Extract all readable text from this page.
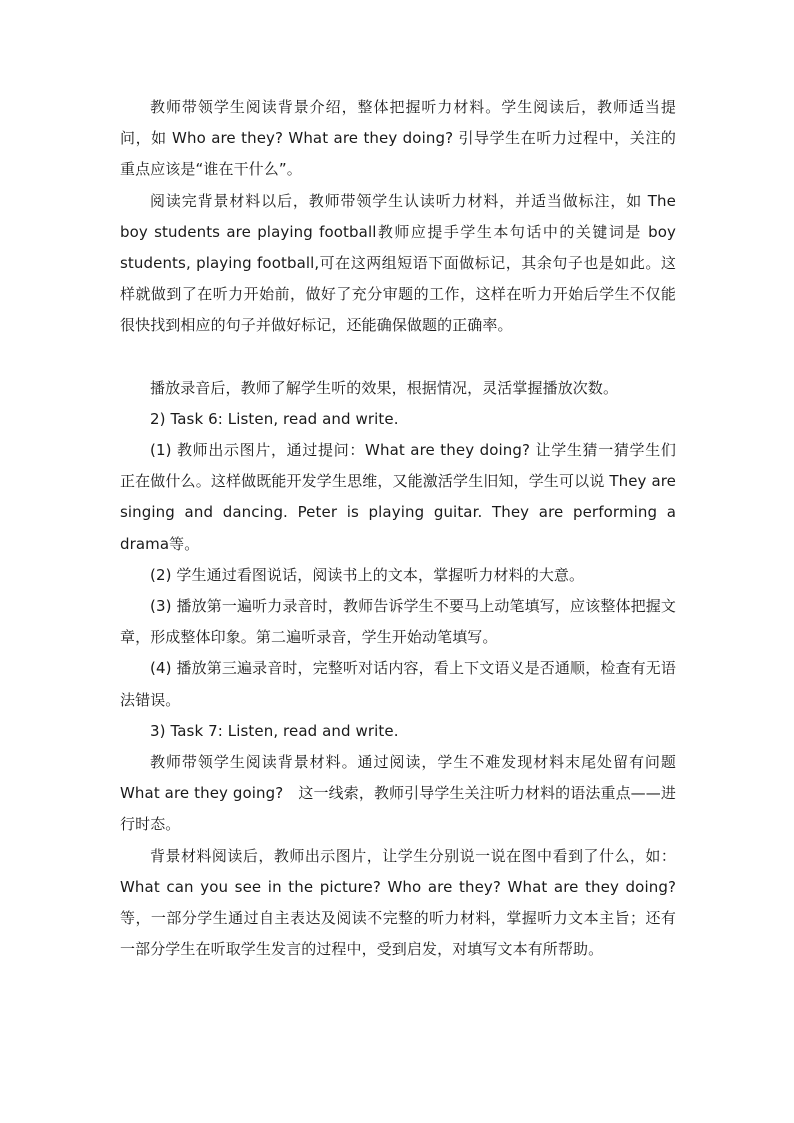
教师带领学生阅读背景介绍，整体把握听力材料。学生阅读后，教师适当提问，如 Who are they? What are they doing? 引导学生在听力过程中，关注的重点应该是“谁在干什么”。

阅读完背景材料以后，教师带领学生认读听力材料，并适当做标注，如 The boy students are playing football教师应提手学生本句话中的关键词是 boy students, playing football,可在这两组短语下面做标记，其余句子也是如此。这样就做到了在听力开始前，做好了充分审题的工作，这样在听力开始后学生不仅能很快找到相应的句子并做好标记，还能确保做题的正确率。

播放录音后，教师了解学生听的效果，根据情况，灵活掌握播放次数。

2) Task 6: Listen, read and write.

(1) 教师出示图片，通过提问：What are they doing? 让学生猜一猜学生们正在做什么。这样做既能开发学生思维，又能激活学生旧知，学生可以说 They are singing and dancing. Peter is playing guitar. They are performing a drama等。

(2) 学生通过看图说话，阅读书上的文本，掌握听力材料的大意。

(3) 播放第一遍听力录音时，教师告诉学生不要马上动笔填写，应该整体把握文章，形成整体印象。第二遍听录音，学生开始动笔填写。

(4) 播放第三遍录音时，完整听对话内容，看上下文语义是否通顺，检查有无语法错误。

3) Task 7: Listen, read and write.

教师带领学生阅读背景材料。通过阅读，学生不难发现材料末尾处留有问题 What are they going?　这一线索，教师引导学生关注听力材料的语法重点——进行时态。

背景材料阅读后，教师出示图片，让学生分别说一说在图中看到了什么，如：What can you see in the picture? Who are they? What are they doing? 等，一部分学生通过自主表达及阅读不完整的听力材料，掌握听力文本主旨；还有一部分学生在听取学生发言的过程中，受到启发，对填写文本有所帮助。
